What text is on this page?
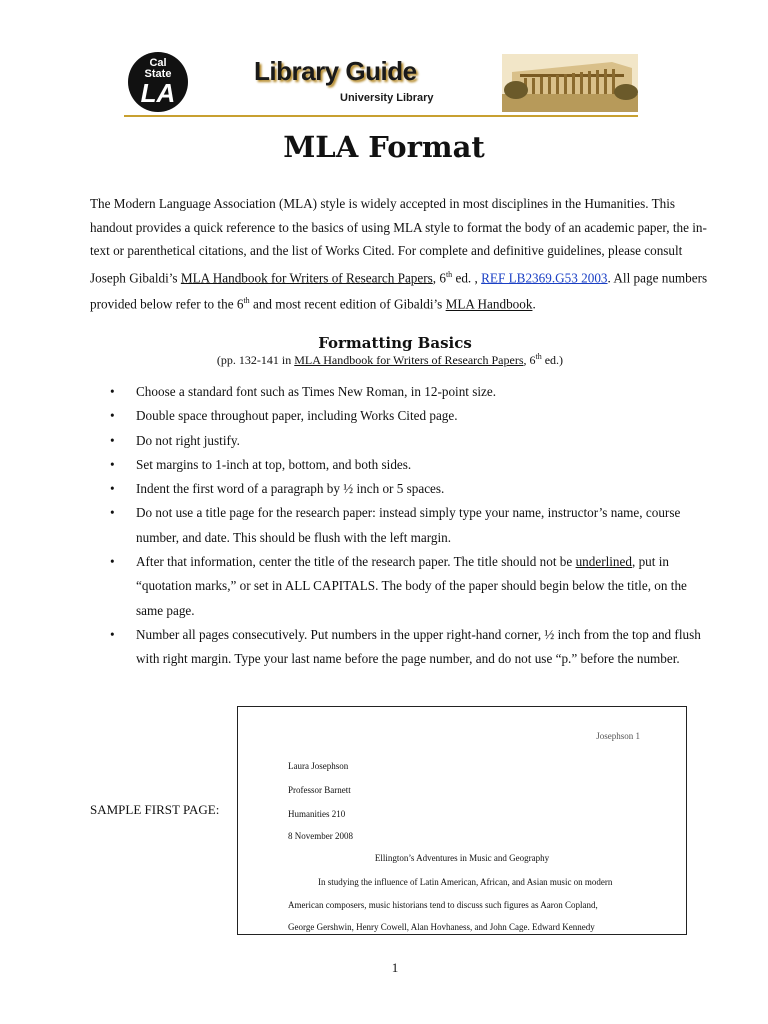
Cal
State
LA
Library Guide
University Library
MLA Format
The Modern Language Association (MLA) style is widely accepted in most disciplines in the Humanities. This handout provides a quick reference to the basics of using MLA style to format the body of an academic paper, the in-text or parenthetical citations, and the list of Works Cited. For complete and definitive guidelines, please consult Joseph Gibaldi’s MLA Handbook for Writers of Research Papers, 6th ed. , REF LB2369.G53 2003. All page numbers provided below refer to the 6th and most recent edition of Gibaldi’s MLA Handbook.
Formatting Basics
(pp. 132-141 in MLA Handbook for Writers of Research Papers, 6th ed.)
• Choose a standard font such as Times New Roman, in 12-point size.
• Double space throughout paper, including Works Cited page.
• Do not right justify.
• Set margins to 1-inch at top, bottom, and both sides.
• Indent the first word of a paragraph by ½ inch or 5 spaces.
• Do not use a title page for the research paper: instead simply type your name, instructor’s name, course number, and date. This should be flush with the left margin.
• After that information, center the title of the research paper. The title should not be underlined, put in “quotation marks,” or set in ALL CAPITALS. The body of the paper should begin below the title, on the same page.
• Number all pages consecutively. Put numbers in the upper right-hand corner, ½ inch from the top and flush with right margin. Type your last name before the page number, and do not use “p.” before the number.
SAMPLE FIRST PAGE:
Josephson 1
Laura Josephson
Professor Barnett
Humanities 210
8 November 2008
Ellington’s Adventures in Music and Geography
In studying the influence of Latin American, African, and Asian music on modern
American composers, music historians tend to discuss such figures as Aaron Copland,
George Gershwin, Henry Cowell, Alan Hovhaness, and John Cage. Edward Kennedy
1
